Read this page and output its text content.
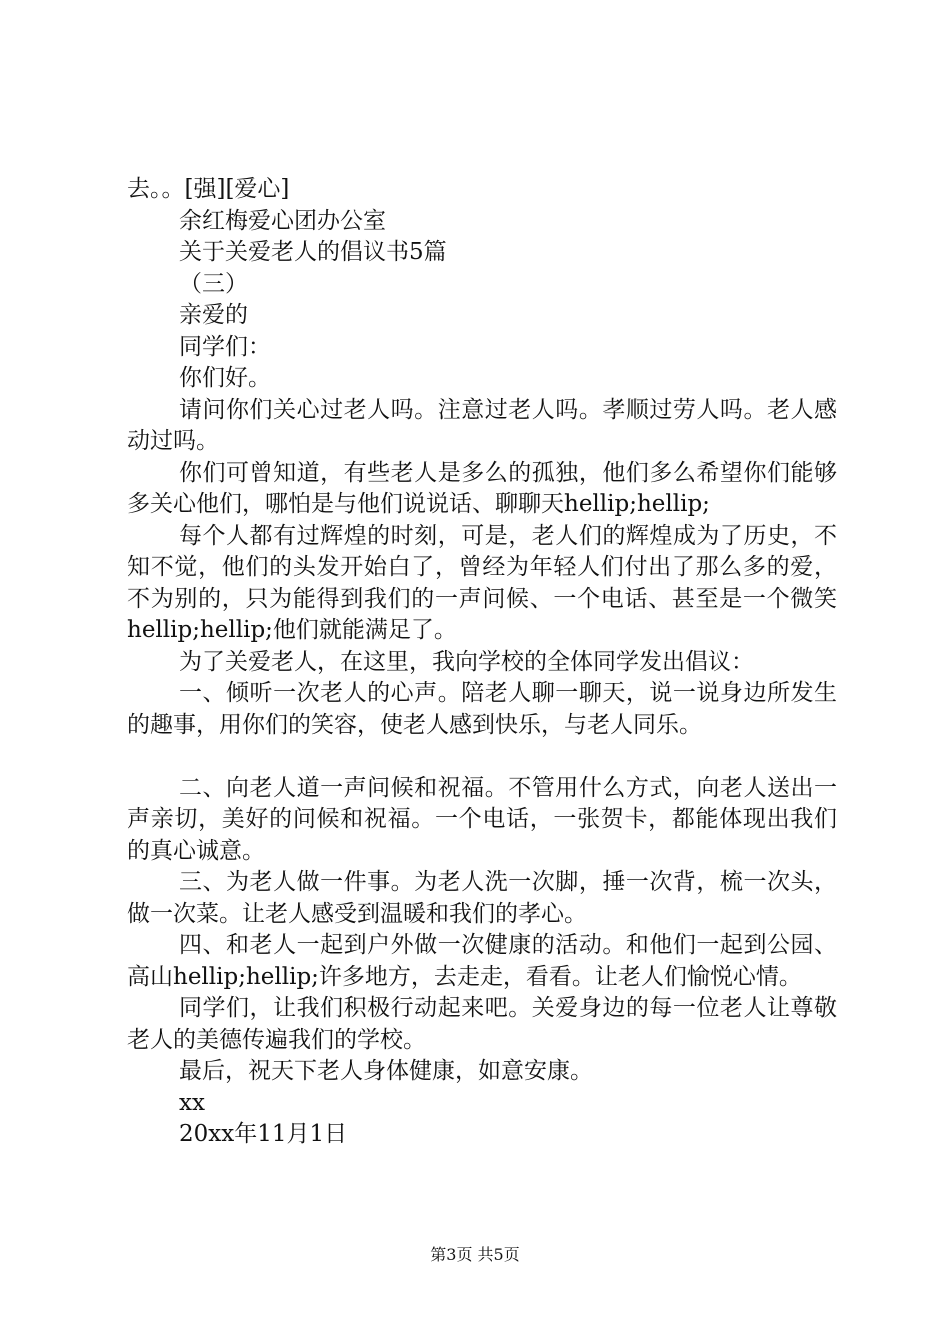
去。。[强][爱心]

余红梅爱心团办公室

关于关爱老人的倡议书5篇

（三）

亲爱的

同学们：

你们好。

请问你们关心过老人吗。注意过老人吗。孝顺过劳人吗。老人感动过吗。

你们可曾知道，有些老人是多么的孤独，他们多么希望你们能够多关心他们，哪怕是与他们说说话、聊聊天hellip;hellip;

每个人都有过辉煌的时刻，可是，老人们的辉煌成为了历史，不知不觉，他们的头发开始白了，曾经为年轻人们付出了那么多的爱，不为别的，只为能得到我们的一声问候、一个电话、甚至是一个微笑hellip;hellip;他们就能满足了。

为了关爱老人，在这里，我向学校的全体同学发出倡议：

一、倾听一次老人的心声。陪老人聊一聊天，说一说身边所发生的趣事，用你们的笑容，使老人感到快乐，与老人同乐。

二、向老人道一声问候和祝福。不管用什么方式，向老人送出一声亲切，美好的问候和祝福。一个电话，一张贺卡，都能体现出我们的真心诚意。

三、为老人做一件事。为老人洗一次脚，捶一次背，梳一次头，做一次菜。让老人感受到温暖和我们的孝心。

四、和老人一起到户外做一次健康的活动。和他们一起到公园、高山hellip;hellip;许多地方，去走走，看看。让老人们愉悦心情。

同学们，让我们积极行动起来吧。关爱身边的每一位老人让尊敬老人的美德传遍我们的学校。

最后，祝天下老人身体健康，如意安康。

xx

20xx年11月1日

第3页 共5页
